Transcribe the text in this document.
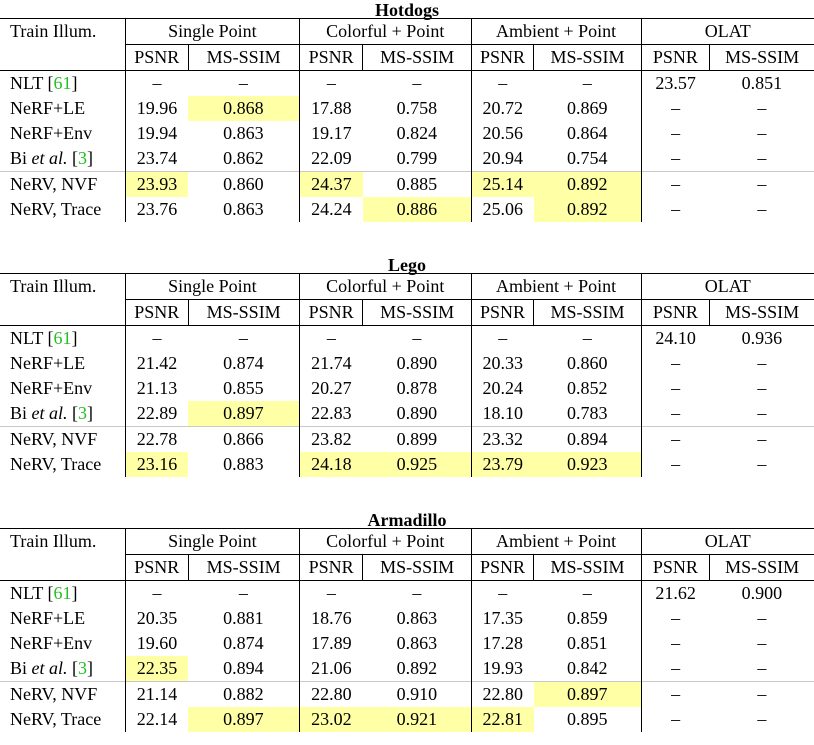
Hotdogs
Train Illum.	Single Point		Colorful + Point		Ambient + Point		OLAT	
	PSNR	MS-SSIM	PSNR	MS-SSIM	PSNR	MS-SSIM	PSNR	MS-SSIM
NLT [61]	–	–	–	–	–	–	23.57	0.851
NeRF+LE	19.96	0.868	17.88	0.758	20.72	0.869	–	–
NeRF+Env	19.94	0.863	19.17	0.824	20.56	0.864	–	–
Bi et al. [3]	23.74	0.862	22.09	0.799	20.94	0.754	–	–
NeRV, NVF	23.93	0.860	24.37	0.885	25.14	0.892	–	–
NeRV, Trace	23.76	0.863	24.24	0.886	25.06	0.892	–	–
Lego
Train Illum.	Single Point		Colorful + Point		Ambient + Point		OLAT	
	PSNR	MS-SSIM	PSNR	MS-SSIM	PSNR	MS-SSIM	PSNR	MS-SSIM
NLT [61]	–	–	–	–	–	–	24.10	0.936
NeRF+LE	21.42	0.874	21.74	0.890	20.33	0.860	–	–
NeRF+Env	21.13	0.855	20.27	0.878	20.24	0.852	–	–
Bi et al. [3]	22.89	0.897	22.83	0.890	18.10	0.783	–	–
NeRV, NVF	22.78	0.866	23.82	0.899	23.32	0.894	–	–
NeRV, Trace	23.16	0.883	24.18	0.925	23.79	0.923	–	–
Armadillo
Train Illum.	Single Point		Colorful + Point		Ambient + Point		OLAT	
	PSNR	MS-SSIM	PSNR	MS-SSIM	PSNR	MS-SSIM	PSNR	MS-SSIM
NLT [61]	–	–	–	–	–	–	21.62	0.900
NeRF+LE	20.35	0.881	18.76	0.863	17.35	0.859	–	–
NeRF+Env	19.60	0.874	17.89	0.863	17.28	0.851	–	–
Bi et al. [3]	22.35	0.894	21.06	0.892	19.93	0.842	–	–
NeRV, NVF	21.14	0.882	22.80	0.910	22.80	0.897	–	–
NeRV, Trace	22.14	0.897	23.02	0.921	22.81	0.895	–	–
